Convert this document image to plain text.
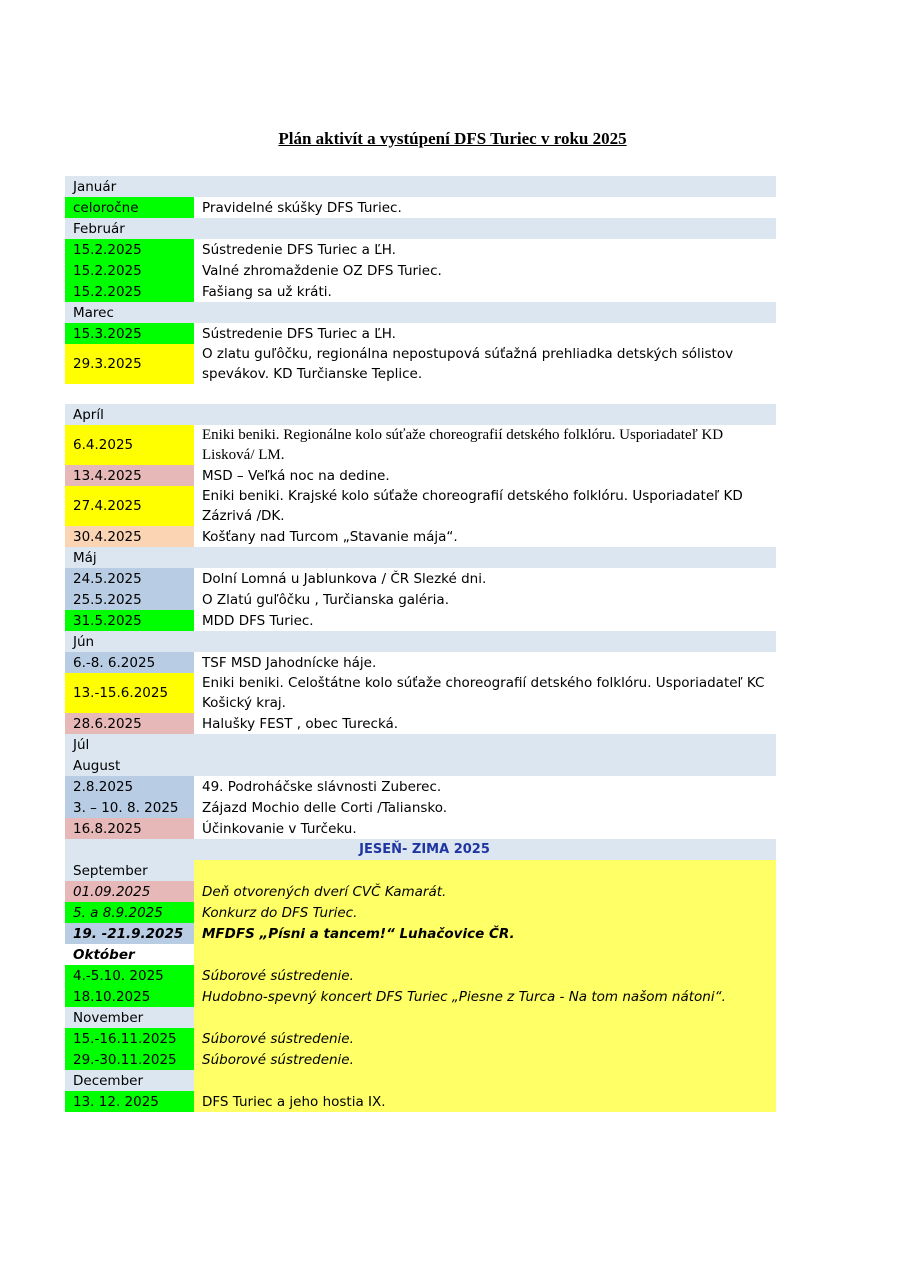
Plán aktivít a vystúpení DFS Turiec v roku 2025
Január	
celoročne	Pravidelné skúšky DFS Turiec.
Február	
15.2.2025	Sústredenie DFS Turiec a ĽH.
15.2.2025	Valné zhromaždenie OZ DFS Turiec.
15.2.2025	Fašiang sa už kráti.
Marec	
15.3.2025	Sústredenie DFS Turiec a ĽH.
29.3.2025	O zlatu guľôčku, regionálna nepostupová súťažná prehliadka detských sólistov spevákov. KD Turčianske Teplice.

Apríl	
6.4.2025	Eniki beniki. Regionálne kolo súťaže choreografií detského folklóru. Usporiadateľ KD Lisková/ LM.
13.4.2025	MSD – Veľká noc na dedine.
27.4.2025	Eniki beniki. Krajské kolo súťaže choreografií detského folklóru. Usporiadateľ KD Zázrivá /DK.
30.4.2025	Košťany nad Turcom „Stavanie mája“.
Máj	
24.5.2025	Dolní Lomná u Jablunkova / ČR Slezké dni.
25.5.2025	O Zlatú guľôčku , Turčianska galéria.
31.5.2025	MDD DFS Turiec.
Jún	
6.-8. 6.2025	TSF MSD Jahodnícke háje.
13.-15.6.2025	Eniki beniki. Celoštátne kolo súťaže choreografií detského folklóru. Usporiadateľ KC Košický kraj.
28.6.2025	Halušky FEST , obec Turecká.
Júl	
August	
2.8.2025	49. Podroháčske slávnosti Zuberec.
3. – 10. 8. 2025	Zájazd Mochio delle Corti /Taliansko.
16.8.2025	Účinkovanie v Turčeku.
JESEŇ- ZIMA 2025	
September	
01.09.2025	Deň otvorených dverí CVČ Kamarát.
5. a 8.9.2025	Konkurz do DFS Turiec.
19. -21.9.2025	MFDFS „Písni a tancem!“ Luhačovice ČR.
Október	
4.-5.10. 2025	Súborové sústredenie.
18.10.2025	Hudobno-spevný koncert DFS Turiec „Piesne z Turca - Na tom našom nátoni“.
November	
15.-16.11.2025	Súborové sústredenie.
29.-30.11.2025	Súborové sústredenie.
December	
13. 12. 2025	DFS Turiec a jeho hostia IX.
